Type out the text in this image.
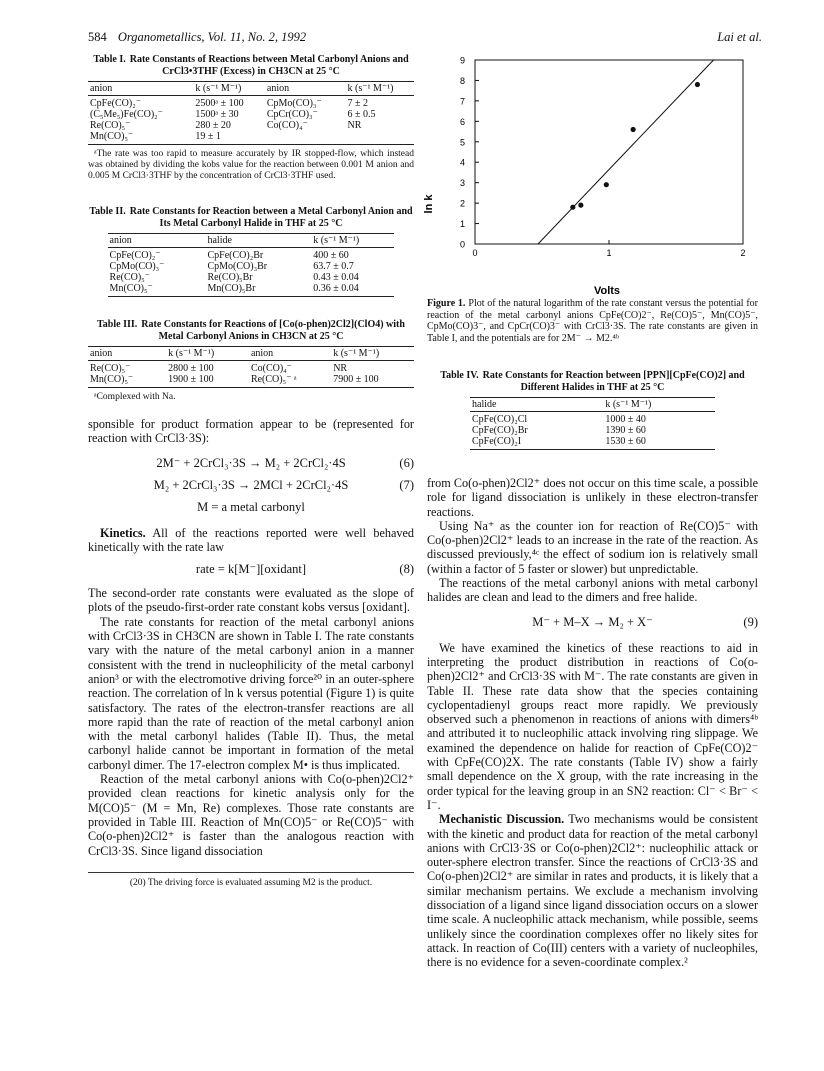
584 Organometallics, Vol. 11, No. 2, 1992	Lai et al.

Table I. Rate Constants of Reactions between Metal Carbonyl Anions and CrCl3•3THF (Excess) in CH3CN at 25 °C

anion	k (s⁻¹ M⁻¹)	anion	k (s⁻¹ M⁻¹)
CpFe(CO)₂⁻	2500ᵃ ± 100	CpMo(CO)₃⁻	7 ± 2
(C₅Me₅)Fe(CO)₂⁻	1500ᵃ ± 30	CpCr(CO)₃⁻	6 ± 0.5
Re(CO)₅⁻	280 ± 20	Co(CO)₄⁻	NR
Mn(CO)₅⁻	19 ± 1		

ᵃThe rate was too rapid to measure accurately by IR stopped-flow, which instead was obtained by dividing the kobs value for the reaction between 0.001 M anion and 0.005 M CrCl3·3THF by the concentration of CrCl3·3THF used.

Table II. Rate Constants for Reaction between a Metal Carbonyl Anion and Its Metal Carbonyl Halide in THF at 25 °C

anion	halide	k (s⁻¹ M⁻¹)
CpFe(CO)₂⁻	CpFe(CO)₂Br	400 ± 60
CpMo(CO)₃⁻	CpMo(CO)₃Br	63.7 ± 0.7
Re(CO)₅⁻	Re(CO)₅Br	0.43 ± 0.04
Mn(CO)₅⁻	Mn(CO)₅Br	0.36 ± 0.04

Table III. Rate Constants for Reactions of [Co(o-phen)2Cl2](ClO4) with Metal Carbonyl Anions in CH3CN at 25 °C

anion	k (s⁻¹ M⁻¹)	anion	k (s⁻¹ M⁻¹)
Re(CO)₅⁻	2800 ± 100	Co(CO)₄⁻	NR
Mn(CO)₅⁻	1900 ± 100	Re(CO)₅⁻ ᵃ	7900 ± 100

ᵃComplexed with Na.

sponsible for product formation appear to be (represented for reaction with CrCl3·3S):

2M⁻ + 2CrCl₃·3S → M₂ + 2CrCl₂·4S	(6)
M₂ + 2CrCl₃·3S → 2MCl + 2CrCl₂·4S	(7)
M = a metal carbonyl

Kinetics. All of the reactions reported were well behaved kinetically with the rate law

rate = k[M⁻][oxidant]	(8)

The second-order rate constants were evaluated as the slope of plots of the pseudo-first-order rate constant kobs versus [oxidant].

The rate constants for reaction of the metal carbonyl anions with CrCl3·3S in CH3CN are shown in Table I. The rate constants vary with the nature of the metal carbonyl anion in a manner consistent with the trend in nucleophilicity of the metal carbonyl anion³ or with the electromotive driving force²⁰ in an outer-sphere reaction. The correlation of ln k versus potential (Figure 1) is quite satisfactory. The rates of the electron-transfer reactions are all more rapid than the rate of reaction of the metal carbonyl anion with the metal carbonyl halides (Table II). Thus, the metal carbonyl halide cannot be important in formation of the metal carbonyl dimer. The 17-electron complex M• is thus implicated.

Reaction of the metal carbonyl anions with Co(o-phen)2Cl2⁺ provided clean reactions for kinetic analysis only for the M(CO)5⁻ (M = Mn, Re) complexes. Those rate constants are provided in Table III. Reaction of Mn(CO)5⁻ or Re(CO)5⁻ with Co(o-phen)2Cl2⁺ is faster than the analogous reaction with CrCl3·3S. Since ligand dissociation

(20) The driving force is evaluated assuming M2 is the product.
0
1
2
3
4
5
6
7
8
9
0	1	2
ln k
Volts

Figure 1. Plot of the natural logarithm of the rate constant versus the potential for reaction of the metal carbonyl anions CpFe(CO)2⁻, Re(CO)5⁻, Mn(CO)5⁻, CpMo(CO)3⁻, and CpCr(CO)3⁻ with CrCl3·3S. The rate constants are given in Table I, and the potentials are for 2M⁻ → M2.⁴ᵇ

Table IV. Rate Constants for Reaction between [PPN][CpFe(CO)2] and Different Halides in THF at 25 °C

halide	k (s⁻¹ M⁻¹)
CpFe(CO)₂Cl	1000 ± 40
CpFe(CO)₂Br	1390 ± 60
CpFe(CO)₂I	1530 ± 60

from Co(o-phen)2Cl2⁺ does not occur on this time scale, a possible role for ligand dissociation is unlikely in these electron-transfer reactions.

Using Na⁺ as the counter ion for reaction of Re(CO)5⁻ with Co(o-phen)2Cl2⁺ leads to an increase in the rate of the reaction. As discussed previously,⁴ᶜ the effect of sodium ion is relatively small (within a factor of 5 faster or slower) but unpredictable.

The reactions of the metal carbonyl anions with metal carbonyl halides are clean and lead to the dimers and free halide.

M⁻ + M–X → M₂ + X⁻	(9)

We have examined the kinetics of these reactions to aid in interpreting the product distribution in reactions of Co(o-phen)2Cl2⁺ and CrCl3·3S with M⁻. The rate constants are given in Table II. These rate data show that the species containing cyclopentadienyl groups react more rapidly. We previously observed such a phenomenon in reactions of anions with dimers⁴ᵇ and attributed it to nucleophilic attack involving ring slippage. We examined the dependence on halide for reaction of CpFe(CO)2⁻ with CpFe(CO)2X. The rate constants (Table IV) show a fairly small dependence on the X group, with the rate increasing in the order typical for the leaving group in an SN2 reaction: Cl⁻ < Br⁻ < I⁻.

Mechanistic Discussion. Two mechanisms would be consistent with the kinetic and product data for reaction of the metal carbonyl anions with CrCl3·3S or Co(o-phen)2Cl2⁺: nucleophilic attack or outer-sphere electron transfer. Since the reactions of CrCl3·3S and Co(o-phen)2Cl2⁺ are similar in rates and products, it is likely that a similar mechanism pertains. We exclude a mechanism involving dissociation of a ligand since ligand dissociation occurs on a slower time scale. A nucleophilic attack mechanism, while possible, seems unlikely since the coordination complexes offer no likely sites for attack. In reaction of Co(III) centers with a variety of nucleophiles, there is no evidence for a seven-coordinate complex.²
